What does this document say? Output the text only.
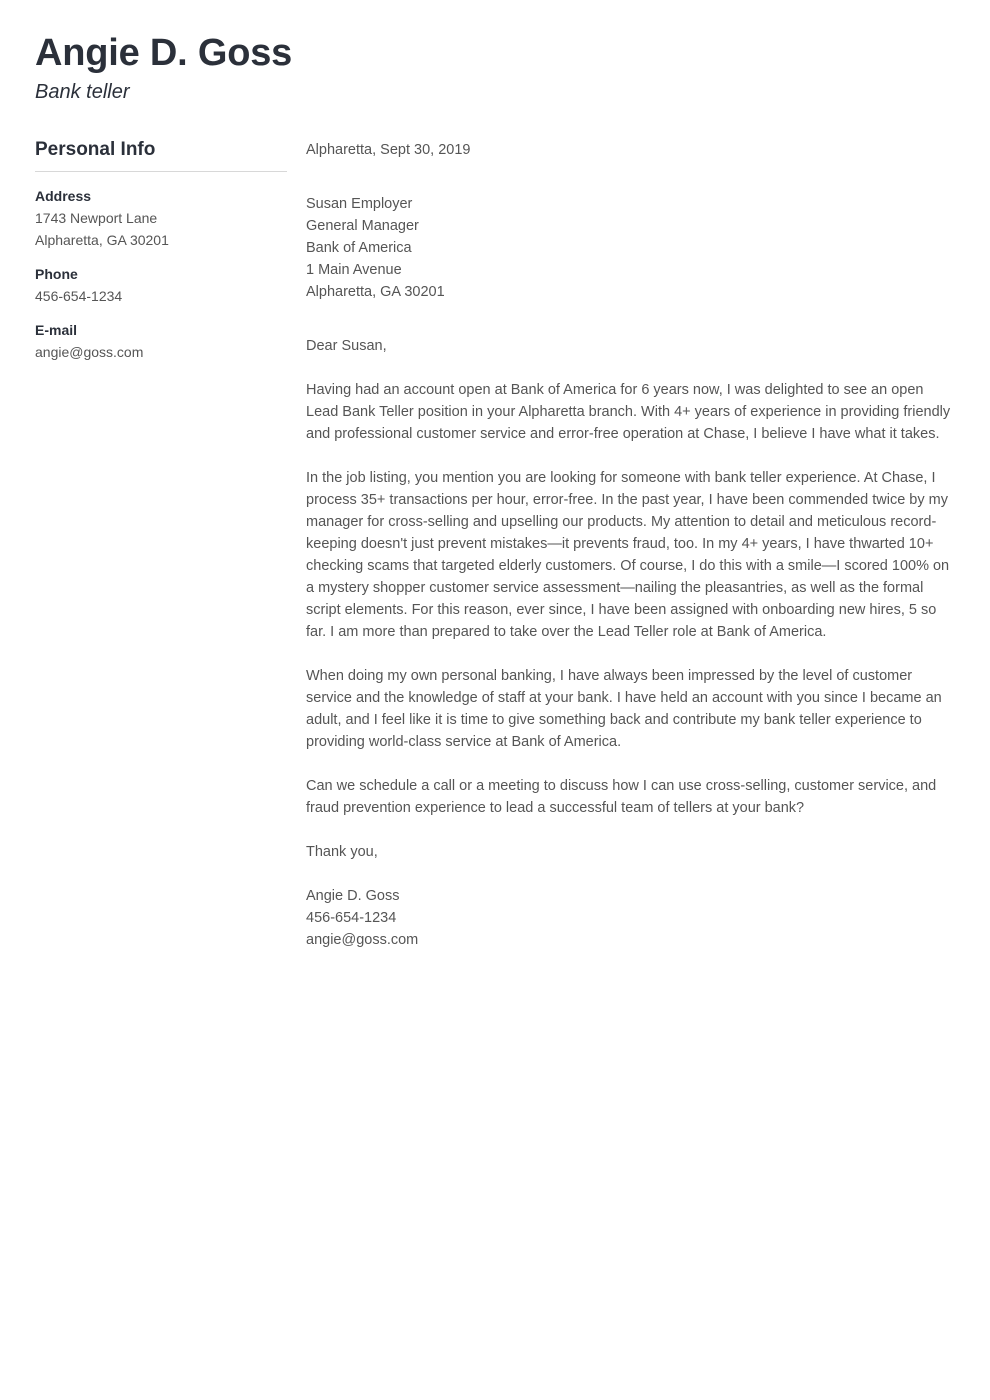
Angie D. Goss
Bank teller
Personal Info
Address
1743 Newport Lane
Alpharetta, GA 30201
Phone
456-654-1234
E-mail
angie@goss.com
Alpharetta, Sept 30, 2019
Susan Employer
General Manager
Bank of America
1 Main Avenue
Alpharetta, GA 30201
Dear Susan,

Having had an account open at Bank of America for 6 years now, I was delighted to see an open Lead Bank Teller position in your Alpharetta branch. With 4+ years of experience in providing friendly and professional customer service and error-free operation at Chase, I believe I have what it takes.

In the job listing, you mention you are looking for someone with bank teller experience. At Chase, I process 35+ transactions per hour, error-free. In the past year, I have been commended twice by my manager for cross-selling and upselling our products. My attention to detail and meticulous record-keeping doesn't just prevent mistakes—it prevents fraud, too. In my 4+ years, I have thwarted 10+ checking scams that targeted elderly customers. Of course, I do this with a smile—I scored 100% on a mystery shopper customer service assessment—nailing the pleasantries, as well as the formal script elements. For this reason, ever since, I have been assigned with onboarding new hires, 5 so far. I am more than prepared to take over the Lead Teller role at Bank of America.

When doing my own personal banking, I have always been impressed by the level of customer service and the knowledge of staff at your bank. I have held an account with you since I became an adult, and I feel like it is time to give something back and contribute my bank teller experience to providing world-class service at Bank of America.

Can we schedule a call or a meeting to discuss how I can use cross-selling, customer service, and fraud prevention experience to lead a successful team of tellers at your bank?

Thank you,
Angie D. Goss
456-654-1234
angie@goss.com
